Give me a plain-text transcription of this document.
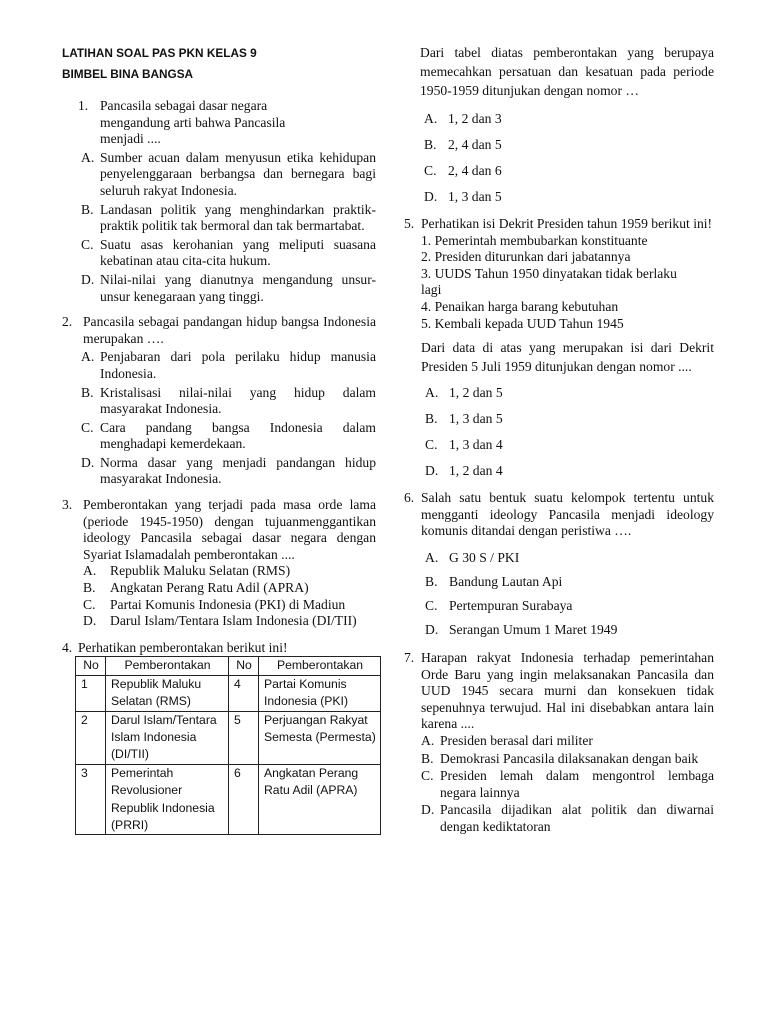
LATIHAN SOAL PAS PKN KELAS 9
BIMBEL BINA BANGSA
1. Pancasila sebagai dasar negara mengandung arti bahwa Pancasila menjadi ....
A. Sumber acuan dalam menyusun etika kehidupan penyelenggaraan berbangsa dan bernegara bagi seluruh rakyat Indonesia.
B. Landasan politik yang menghindarkan praktik-praktik politik tak bermoral dan tak bermartabat.
C. Suatu asas kerohanian yang meliputi suasana kebatinan atau cita-cita hukum.
D. Nilai-nilai yang dianutnya mengandung unsur-unsur kenegaraan yang tinggi.
2. Pancasila sebagai pandangan hidup bangsa Indonesia merupakan ….
A. Penjabaran dari pola perilaku hidup manusia Indonesia.
B. Kristalisasi nilai-nilai yang hidup dalam masyarakat Indonesia.
C. Cara pandang bangsa Indonesia dalam menghadapi kemerdekaan.
D. Norma dasar yang menjadi pandangan hidup masyarakat Indonesia.
3. Pemberontakan yang terjadi pada masa orde lama (periode 1945-1950) dengan tujuanmenggantikan ideology Pancasila sebagai dasar negara dengan Syariat Islamadalah pemberontakan ....
A.	Republik Maluku Selatan (RMS)
B.	Angkatan Perang Ratu Adil (APRA)
C.	Partai Komunis Indonesia (PKI) di Madiun
D.	Darul Islam/Tentara Islam Indonesia (DI/TII)
4. Perhatikan pemberontakan berikut ini!
No	Pemberontakan	No	Pemberontakan
1	Republik Maluku Selatan (RMS)	4	Partai Komunis Indonesia (PKI)
2	Darul Islam/Tentara Islam Indonesia (DI/TII)	5	Perjuangan Rakyat Semesta (Permesta)
3	Pemerintah Revolusioner Republik Indonesia (PRRI)	6	Angkatan Perang Ratu Adil (APRA)
Dari tabel diatas pemberontakan yang berupaya memecahkan persatuan dan kesatuan pada periode 1950-1959 ditunjukan dengan nomor …
A. 1, 2 dan 3
B. 2, 4 dan 5
C. 2, 4 dan 6
D. 1, 3 dan 5
5. Perhatikan isi Dekrit Presiden tahun 1959 berikut ini!
1. Pemerintah membubarkan konstituante
2. Presiden diturunkan dari jabatannya
3. UUDS Tahun 1950 dinyatakan tidak berlaku lagi
4. Penaikan harga barang kebutuhan
5. Kembali kepada UUD Tahun 1945
Dari data di atas yang merupakan isi dari Dekrit Presiden 5 Juli 1959 ditunjukan dengan nomor ....
A. 1, 2 dan 5
B. 1, 3 dan 5
C. 1, 3 dan 4
D. 1, 2 dan 4
6. Salah satu bentuk suatu kelompok tertentu untuk mengganti ideology Pancasila menjadi ideology komunis ditandai dengan peristiwa ….
A. G 30 S / PKI
B. Bandung Lautan Api
C. Pertempuran Surabaya
D. Serangan Umum 1 Maret 1949
7. Harapan rakyat Indonesia terhadap pemerintahan Orde Baru yang ingin melaksanakan Pancasila dan UUD 1945 secara murni dan konsekuen tidak sepenuhnya terwujud. Hal ini disebabkan antara lain karena ....
A. Presiden berasal dari militer
B. Demokrasi Pancasila dilaksanakan dengan baik
C. Presiden lemah dalam mengontrol lembaga negara lainnya
D. Pancasila dijadikan alat politik dan diwarnai dengan kediktatoran
